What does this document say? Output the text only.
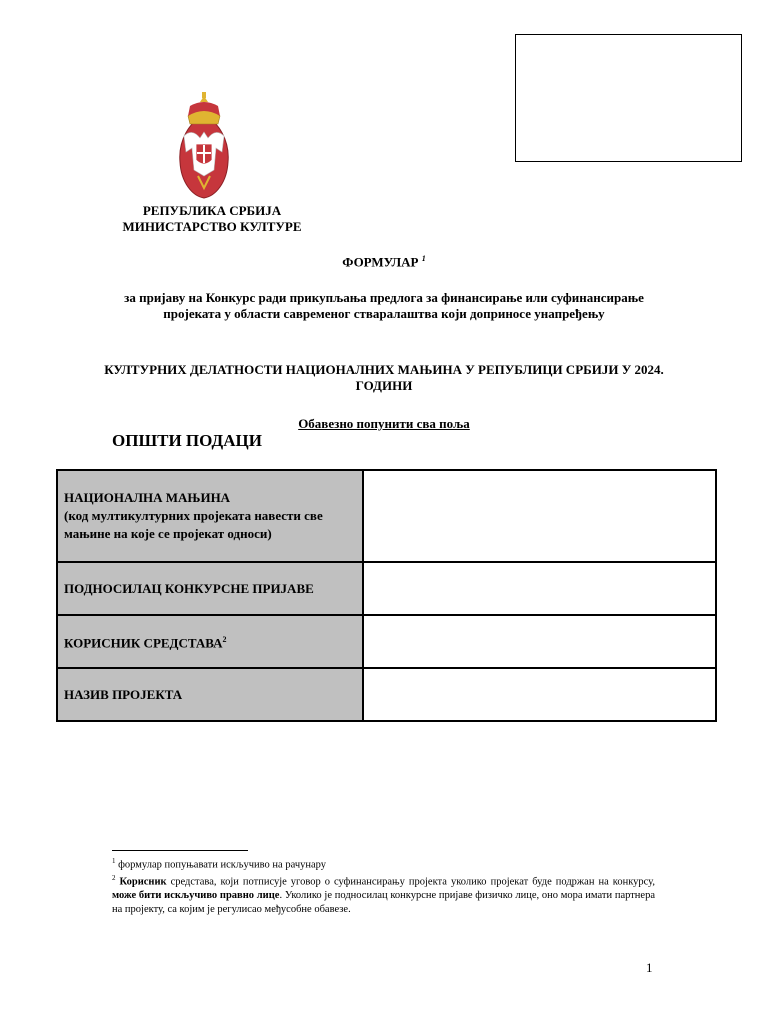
РЕПУБЛИКА СРБИЈА
МИНИСТАРСТВО КУЛТУРЕ
ФОРМУЛАР $^1$
за пријаву на Конкурс ради прикупљања предлога за финансирање или суфинансирање пројеката у области савременог стваралаштва који доприносе унапређењу
КУЛТУРНИХ ДЕЛАТНОСТИ НАЦИОНАЛНИХ МАЊИНА У РЕПУБЛИЦИ СРБИЈИ У 2024. ГОДИНИ
Обавезно попунити сва поља
ОПШТИ ПОДАЦИ
НАЦИОНАЛНА МАЊИНА
(код мултикултурних пројеката навести све мањине на које се пројекат односи)	

ПОДНОСИЛАЦ КОНКУРСНЕ ПРИЈАВЕ	
КОРИСНИК СРЕДСТАВА$^2$	
НАЗИВ ПРОЈЕКТА	
$^1$ формулар попуњавати искључиво на рачунару
$^2$ Корисник средстава, који потписује уговор о суфинансирању пројекта уколико пројекат буде подржан на конкурсу, може бити искључиво правно лице. Уколико је подносилац конкурсне пријаве физичко лице, оно мора имати партнера на пројекту, са којим је регулисао међусобне обавезе.
1
